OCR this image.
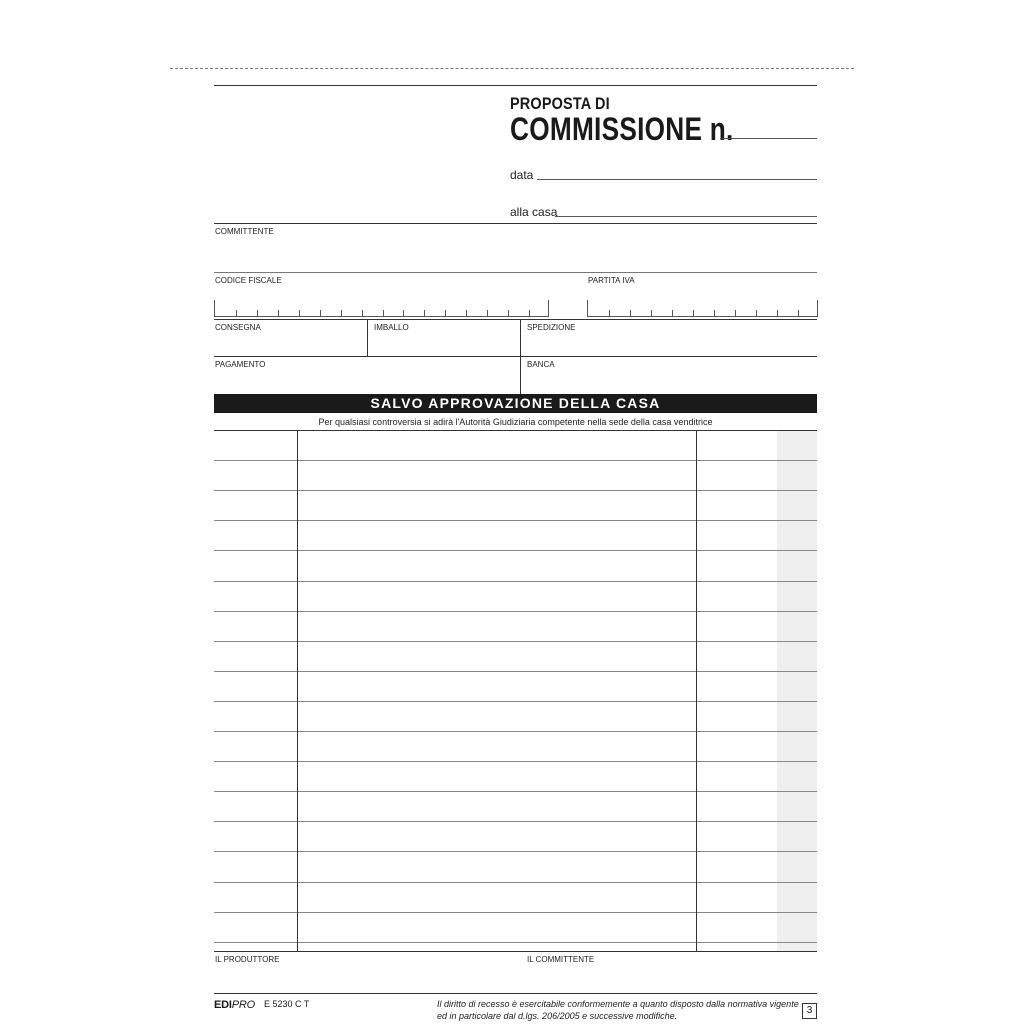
PROPOSTA DI
COMMISSIONE n.
data
alla casa
COMMITTENTE
CODICE FISCALE	PARTITA IVA
CONSEGNA	IMBALLO	SPEDIZIONE
PAGAMENTO	BANCA
SALVO APPROVAZIONE DELLA CASA
Per qualsiasi controversia si adirà l'Autorità Giudiziaria competente nella sede della casa venditrice
IL PRODUTTORE	IL COMMITTENTE
EDIPRO E 5230 C T	Il diritto di recesso è esercitabile conformemente a quanto disposto dalla normativa vigente
ed in particolare dal d.lgs. 206/2005 e successive modifiche.	3
